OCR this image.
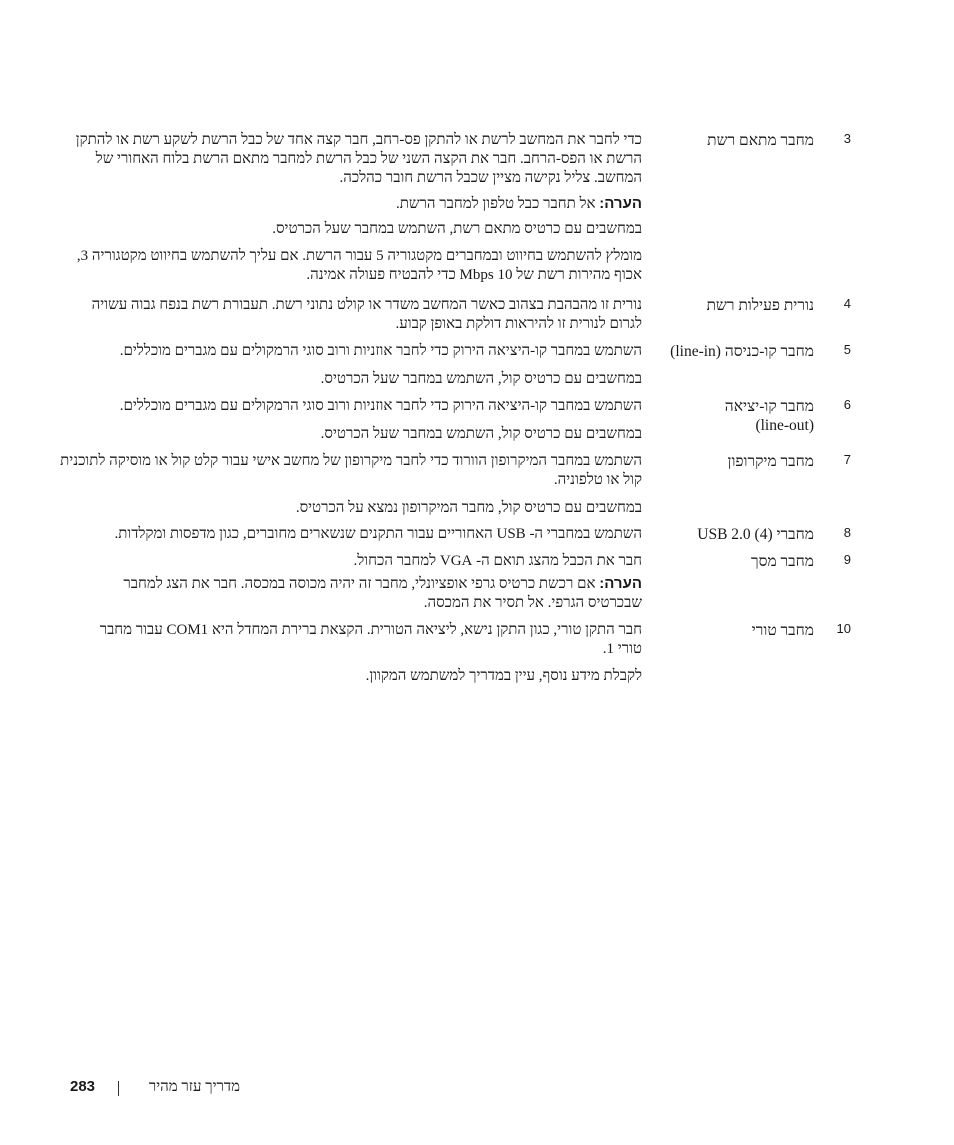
3
מחבר מתאם רשת

כדי לחבר את המחשב לרשת או להתקן פס-רחב, חבר קצה אחד של כבל הרשת לשקע רשת או להתקן הרשת או הפס-הרחב. חבר את הקצה השני של כבל הרשת למחבר מתאם הרשת בלוח האחורי של המחשב. צליל נקישה מציין שכבל הרשת חובר כהלכה.

הערה: אל תחבר כבל טלפון למחבר הרשת.

במחשבים עם כרטיס מתאם רשת, השתמש במחבר שעל הכרטיס.

מומלץ להשתמש בחיווט ובמחברים מקטגוריה 5 עבור הרשת. אם עליך להשתמש בחיווט מקטגוריה 3, אכוף מהירות רשת של 10 Mbps כדי להבטיח פעולה אמינה.

4
נורית פעילות רשת

נורית זו מהבהבת בצהוב כאשר המחשב משדר או קולט נתוני רשת. תעבורת רשת בנפח גבוה עשויה לגרום לנורית זו להיראות דולקת באופן קבוע.

5
מחבר קו-כניסה (line-in)

השתמש במחבר קו-היציאה הירוק כדי לחבר אוזניות ורוב סוגי הרמקולים עם מגברים מוכללים.

במחשבים עם כרטיס קול, השתמש במחבר שעל הכרטיס.

6
מחבר קו-יציאה (line-out)

השתמש במחבר קו-היציאה הירוק כדי לחבר אוזניות ורוב סוגי הרמקולים עם מגברים מוכללים.

במחשבים עם כרטיס קול, השתמש במחבר שעל הכרטיס.

7
מחבר מיקרופון

השתמש במחבר המיקרופון הוורוד כדי לחבר מיקרופון של מחשב אישי עבור קלט קול או מוסיקה לתוכנית קול או טלפוניה.

במחשבים עם כרטיס קול, מחבר המיקרופון נמצא על הכרטיס.

8
מחברי USB 2.0 (4)

השתמש במחברי ה- USB האחוריים עבור התקנים שנשארים מחוברים, כגון מדפסות ומקלדות.

9
מחבר מסך

חבר את הכבל מהצג תואם ה- VGA למחבר הכחול.

הערה: אם רכשת כרטיס גרפי אופציונלי, מחבר זה יהיה מכוסה במכסה. חבר את הצג למחבר שבכרטיס הגרפי. אל תסיר את המכסה.

10
מחבר טורי

חבר התקן טורי, כגון התקן נישא, ליציאה הטורית. הקצאת ברירת המחדל היא COM1 עבור מחבר טורי 1.

לקבלת מידע נוסף, עיין במדריך למשתמש המקוון.
מדריך עזר מהיר
283
